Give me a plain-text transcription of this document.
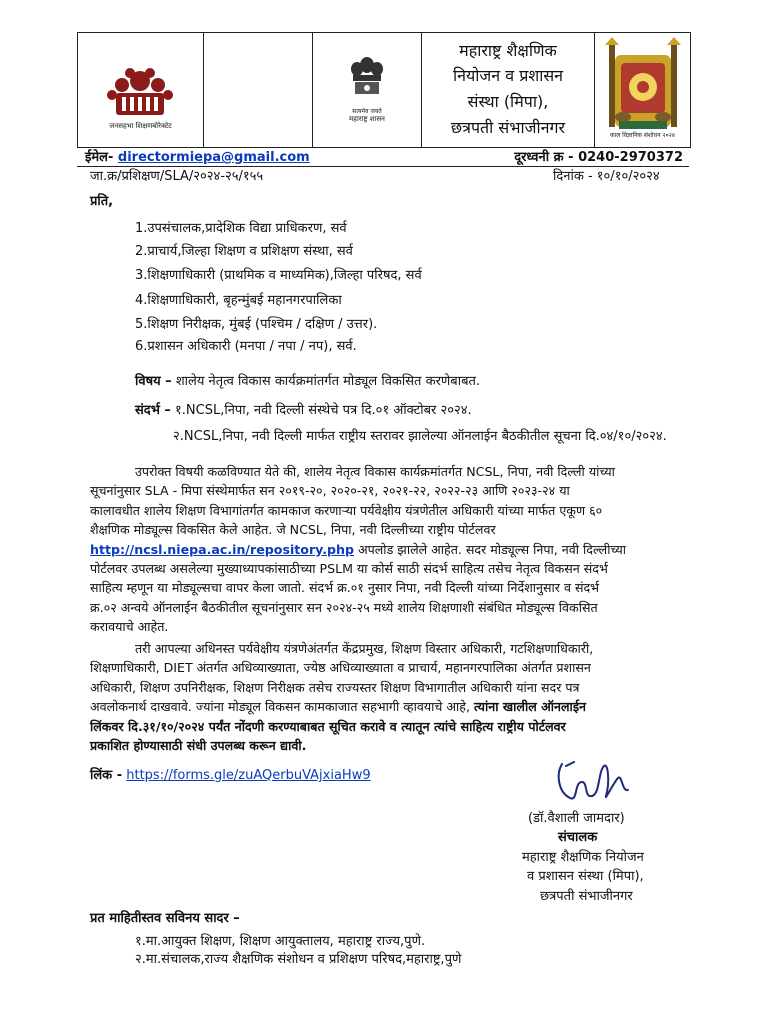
जनसहभा शिक्षणबोरेक्टेट
सत्यमेव जयते
महाराष्ट्र शासन
महाराष्ट्र शैक्षणिक
नियोजन व प्रशासन
संस्था (मिपा),
छत्रपती संभाजीनगर	काल विज्ञानिक संशोधन २०२४
ईमेल- directormiepa@gmail.com	दूरध्वनी क्र - 0240-2970372
जा.क्र/प्रशिक्षण/SLA/२०२४-२५/१५५	दिनांक - १०/१०/२०२४
प्रति,
1.उपसंचालक,प्रादेशिक विद्या प्राधिकरण, सर्व
2.प्राचार्य,जिल्हा शिक्षण व प्रशिक्षण संस्था, सर्व
3.शिक्षणाधिकारी (प्राथमिक व माध्यमिक),जिल्हा परिषद, सर्व
4.शिक्षणाधिकारी, बृहन्मुंबई महानगरपालिका
5.शिक्षण निरीक्षक, मुंबई (पश्चिम / दक्षिण / उत्तर).
6.प्रशासन अधिकारी (मनपा / नपा / नप), सर्व.
विषय – शालेय नेतृत्व विकास कार्यक्रमांतर्गत मोड्यूल विकसित करणेबाबत.
संदर्भ – १.NCSL,निपा, नवी दिल्ली संस्थेचे पत्र दि.०१ ऑक्टोबर २०२४.
२.NCSL,निपा, नवी दिल्ली मार्फत राष्ट्रीय स्तरावर झालेल्या ऑनलाईन बैठकीतील सूचना दि.०४/१०/२०२४.
उपरोक्त विषयी कळविण्यात येते की, शालेय नेतृत्व विकास कार्यक्रमांतर्गत NCSL, निपा, नवी दिल्ली यांच्या
सूचनांनुसार SLA - मिपा संस्थेमार्फत सन २०१९-२०, २०२०-२१, २०२१-२२, २०२२-२३ आणि २०२३-२४ या
कालावधीत शालेय शिक्षण विभागांतर्गत कामकाज करणाऱ्या पर्यवेक्षीय यंत्रणेतील अधिकारी यांच्या मार्फत एकूण ६०
शैक्षणिक मोड्यूल्स विकसित केले आहेत. जे NCSL, निपा, नवी दिल्लीच्या राष्ट्रीय पोर्टलवर
http://ncsl.niepa.ac.in/repository.php अपलोड झालेले आहेत. सदर मोड्यूल्स निपा, नवी दिल्लीच्या
पोर्टलवर उपलब्ध असलेल्या मुख्याध्यापकांसाठीच्या PSLM या कोर्स साठी संदर्भ साहित्य तसेच नेतृत्व विकसन संदर्भ
साहित्य म्हणून या मोड्यूल्सचा वापर केला जातो. संदर्भ क्र.०१ नुसार निपा, नवी दिल्ली यांच्या निर्देशानुसार व संदर्भ
क्र.०२ अन्वये ऑनलाईन बैठकीतील सूचनांनुसार सन २०२४-२५ मध्ये शालेय शिक्षणाशी संबंधित मोड्यूल्स विकसित
करावयाचे आहेत.
तरी आपल्या अधिनस्त पर्यवेक्षीय यंत्रणेअंतर्गत केंद्रप्रमुख, शिक्षण विस्तार अधिकारी, गटशिक्षणाधिकारी,
शिक्षणाधिकारी, DIET अंतर्गत अधिव्याख्याता, ज्येष्ठ अधिव्याख्याता व प्राचार्य, महानगरपालिका अंतर्गत प्रशासन
अधिकारी, शिक्षण उपनिरीक्षक, शिक्षण निरीक्षक तसेच राज्यस्तर शिक्षण विभागातील अधिकारी यांना सदर पत्र
अवलोकनार्थ दाखवावे. ज्यांना मोड्यूल विकसन कामकाजात सहभागी व्हावयाचे आहे, त्यांना खालील ऑनलाईन
लिंकवर दि.३१/१०/२०२४ पर्यंत नोंदणी करण्याबाबत सूचित करावे व त्यातून त्यांचे साहित्य राष्ट्रीय पोर्टलवर
प्रकाशित होण्यासाठी संधी उपलब्ध करून द्यावी.
लिंक - https://forms.gle/zuAQerbuVAjxiaHw9
(डॉ.वैशाली जामदार)
संचालक
महाराष्ट्र शैक्षणिक नियोजन
व प्रशासन संस्था (मिपा),
छत्रपती संभाजीनगर
प्रत माहितीस्तव सविनय सादर –
१.मा.आयुक्त शिक्षण, शिक्षण आयुक्तालय, महाराष्ट्र राज्य,पुणे.
२.मा.संचालक,राज्य शैक्षणिक संशोधन व प्रशिक्षण परिषद,महाराष्ट्र,पुणे
